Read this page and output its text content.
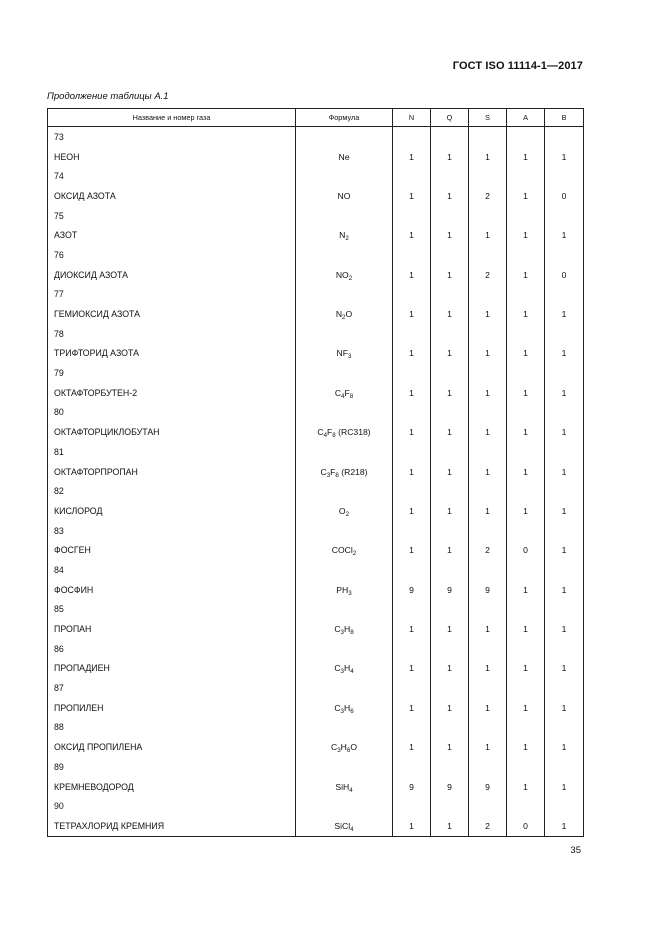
ГОСТ ISO 11114-1—2017
Продолжение таблицы А.1
Название и номер газа	Формула	N	Q	S	A	B
73						
НЕОН	Ne	1	1	1	1	1
74						
ОКСИД АЗОТА	NO	1	1	2	1	0
75						
АЗОТ	$N_2$	1	1	1	1	1
76						
ДИОКСИД АЗОТА	$NO_2$	1	1	2	1	0
77						
ГЕМИОКСИД АЗОТА	$N_2O$	1	1	1	1	1
78						
ТРИФТОРИД АЗОТА	$NF_3$	1	1	1	1	1
79						
ОКТАФТОРБУТЕН-2	$C_4F_8$	1	1	1	1	1
80						
ОКТАФТОРЦИКЛОБУТАН	$C_4F_8$ (RC318)	1	1	1	1	1
81						
ОКТАФТОРПРОПАН	$C_3F_8$ (R218)	1	1	1	1	1
82						
КИСЛОРОД	$O_2$	1	1	1	1	1
83						
ФОСГЕН	COCl$_2$	1	1	2	0	1
84						
ФОСФИН	$PH_3$	9	9	9	1	1
85						
ПРОПАН	$C_3H_8$	1	1	1	1	1
86						
ПРОПАДИЕН	$C_3H_4$	1	1	1	1	1
87						
ПРОПИЛЕН	$C_3H_6$	1	1	1	1	1
88						
ОКСИД ПРОПИЛЕНА	$C_3H_6O$	1	1	1	1	1
89						
КРЕМНЕВОДОРОД	SiH$_4$	9	9	9	1	1
90						
ТЕТРАХЛОРИД КРЕМНИЯ	SiCl$_4$	1	1	2	0	1
35
